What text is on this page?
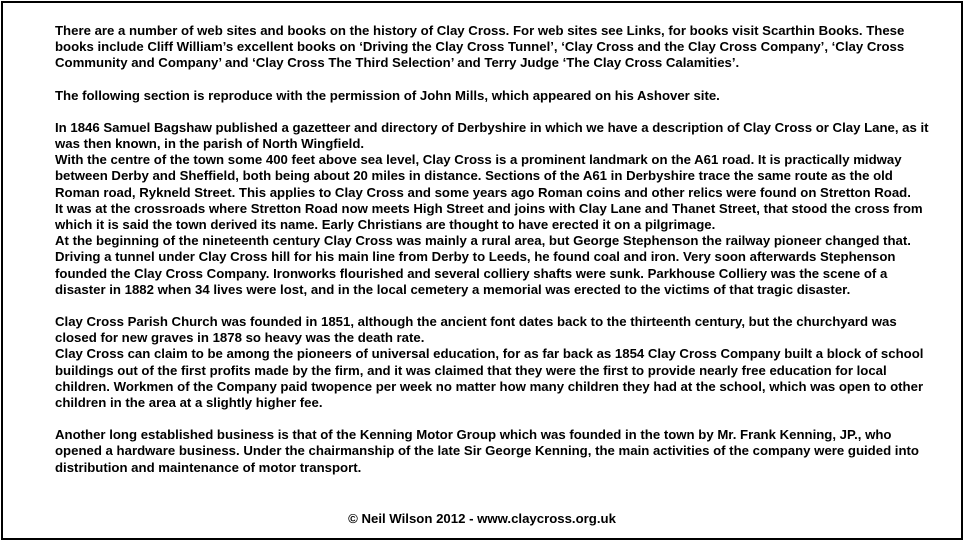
There are a number of web sites and books on the history of Clay Cross. For web sites see Links, for books visit Scarthin Books. These books include Cliff William’s excellent books on ‘Driving the Clay Cross Tunnel’, ‘Clay Cross and the Clay Cross Company’, ‘Clay Cross Community and Company’ and ‘Clay Cross The Third Selection’ and Terry Judge ‘The Clay Cross Calamities’.

The following section is reproduce with the permission of John Mills, which appeared on his Ashover site.

In 1846 Samuel Bagshaw published a gazetteer and directory of Derbyshire in which we have a description of Clay Cross or Clay Lane, as it was then known, in the parish of North Wingfield.

With the centre of the town some 400 feet above sea level, Clay Cross is a prominent landmark on the A61 road. It is practically midway between Derby and Sheffield, both being about 20 miles in distance. Sections of the A61 in Derbyshire trace the same route as the old Roman road, Rykneld Street. This applies to Clay Cross and some years ago Roman coins and other relics were found on Stretton Road.

It was at the crossroads where Stretton Road now meets High Street and joins with Clay Lane and Thanet Street, that stood the cross from which it is said the town derived its name. Early Christians are thought to have erected it on a pilgrimage.

At the beginning of the nineteenth century Clay Cross was mainly a rural area, but George Stephenson the railway pioneer changed that. Driving a tunnel under Clay Cross hill for his main line from Derby to Leeds, he found coal and iron. Very soon afterwards Stephenson founded the Clay Cross Company. Ironworks flourished and several colliery shafts were sunk. Parkhouse Colliery was the scene of a disaster in 1882 when 34 lives were lost, and in the local cemetery a memorial was erected to the victims of that tragic disaster.

Clay Cross Parish Church was founded in 1851, although the ancient font dates back to the thirteenth century, but the churchyard was closed for new graves in 1878 so heavy was the death rate.

Clay Cross can claim to be among the pioneers of universal education, for as far back as 1854 Clay Cross Company built a block of school buildings out of the first profits made by the firm, and it was claimed that they were the first to provide nearly free education for local children. Workmen of the Company paid twopence per week no matter how many children they had at the school, which was open to other children in the area at a slightly higher fee.

Another long established business is that of the Kenning Motor Group which was founded in the town by Mr. Frank Kenning, JP., who opened a hardware business. Under the chairmanship of the late Sir George Kenning, the main activities of the company were guided into distribution and maintenance of motor transport.

© Neil Wilson 2012 - www.claycross.org.uk
